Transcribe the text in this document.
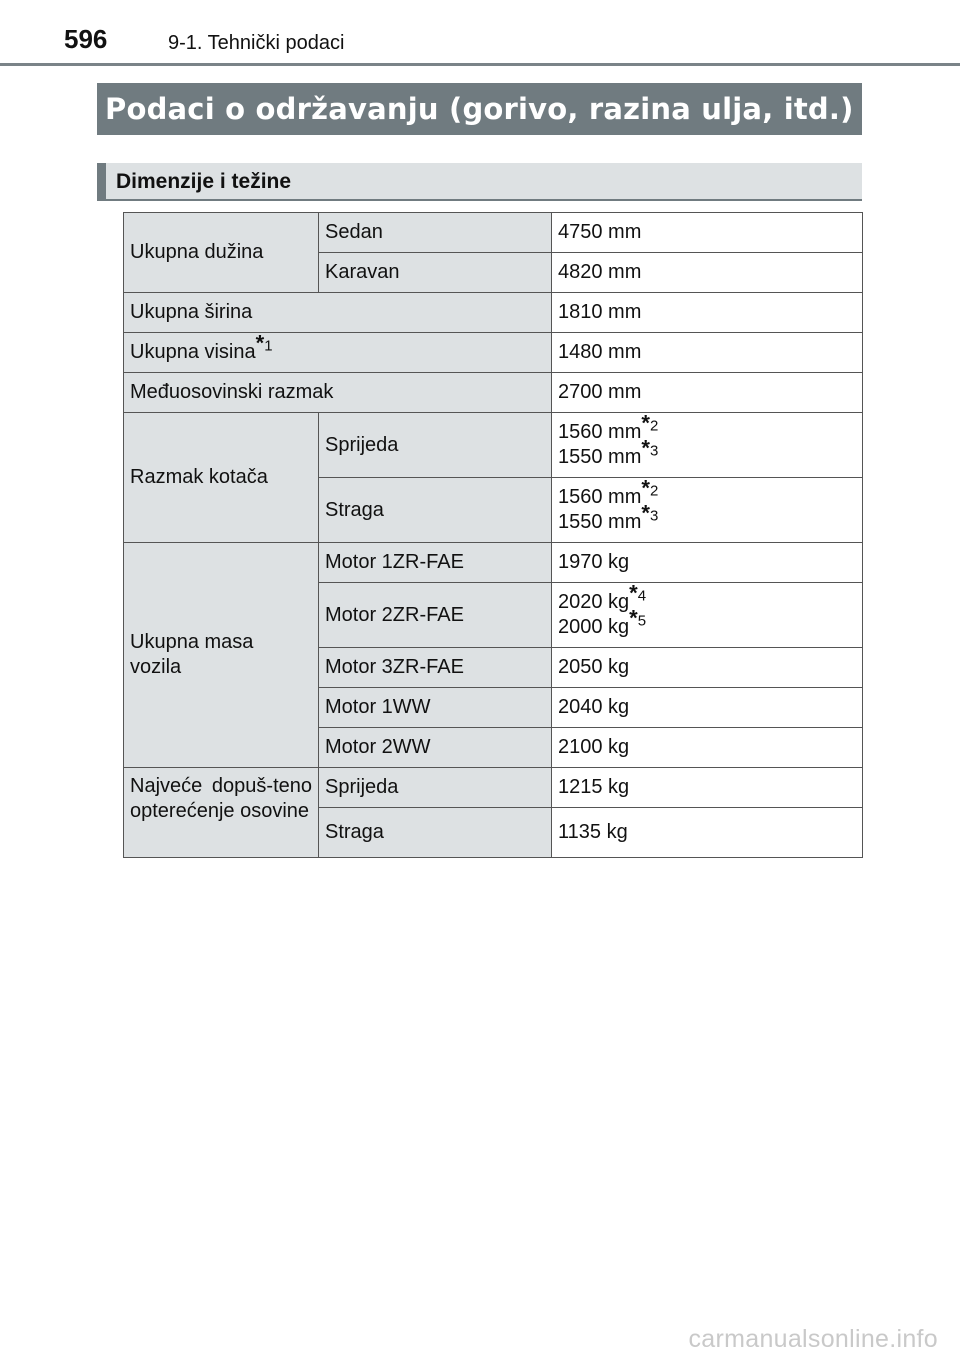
596	9-1. Tehnički podaci
Podaci o održavanju (gorivo, razina ulja, itd.)
Dimenzije i težine
Ukupna dužina	Sedan	4750 mm
	Karavan	4820 mm
Ukupna širina		1810 mm
Ukupna visina*$^1$		1480 mm
Međuosovinski razmak		2700 mm
Razmak kotača	Sprijeda	1560 mm*$^2$
1550 mm*$^3$

	Straga	1560 mm*$^2$
1550 mm*$^3$

Ukupna masa vozila	Motor 1ZR-FAE	1970 kg
	Motor 2ZR-FAE	2020 kg*$^4$
2000 kg*$^5$

	Motor 3ZR-FAE	2050 kg
	Motor 1WW	2040 kg
	Motor 2WW	2100 kg

Najveće dopuš-teno opterećenje osovine	Sprijeda	1215 kg
	Straga	1135 kg
carmanualsonline.info
